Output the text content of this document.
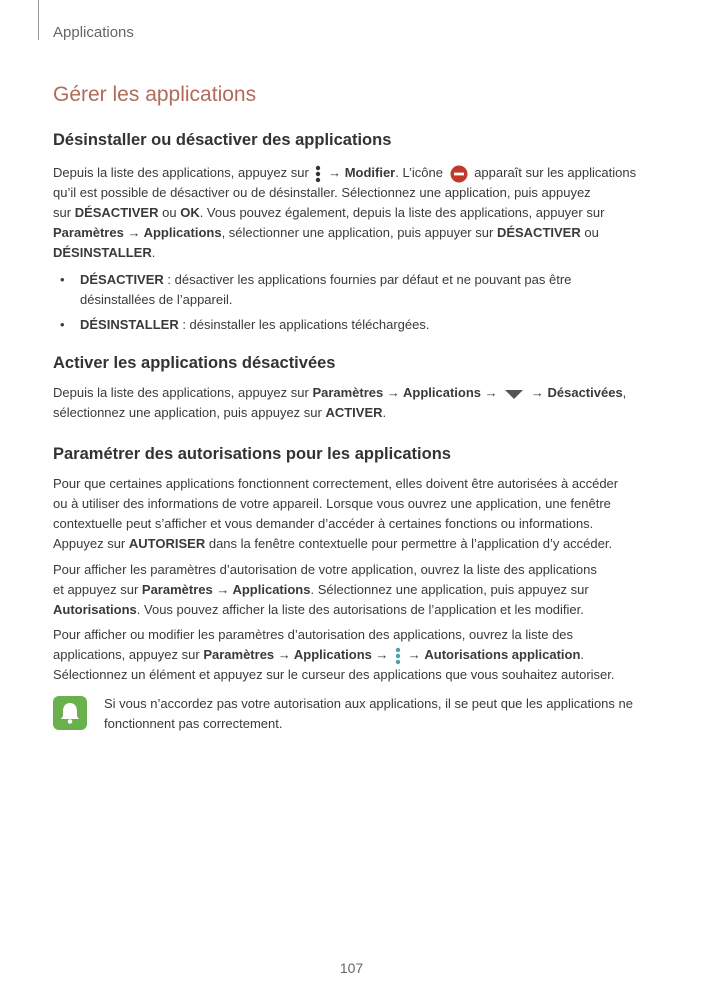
Applications
Gérer les applications
Désinstaller ou désactiver des applications
Depuis la liste des applications, appuyez sur → Modifier. L’icône apparaît sur les applications
qu’il est possible de désactiver ou de désinstaller. Sélectionnez une application, puis appuyez
sur DÉSACTIVER ou OK. Vous pouvez également, depuis la liste des applications, appuyer sur
Paramètres → Applications, sélectionner une application, puis appuyer sur DÉSACTIVER ou
DÉSINSTALLER.
• DÉSACTIVER : désactiver les applications fournies par défaut et ne pouvant pas être
désinstallées de l’appareil.
• DÉSINSTALLER : désinstaller les applications téléchargées.
Activer les applications désactivées
Depuis la liste des applications, appuyez sur Paramètres → Applications →	→ Désactivées,
sélectionnez une application, puis appuyez sur ACTIVER.
Paramétrer des autorisations pour les applications
Pour que certaines applications fonctionnent correctement, elles doivent être autorisées à accéder
ou à utiliser des informations de votre appareil. Lorsque vous ouvrez une application, une fenêtre
contextuelle peut s’afficher et vous demander d’accéder à certaines fonctions ou informations.
Appuyez sur AUTORISER dans la fenêtre contextuelle pour permettre à l’application d’y accéder.
Pour afficher les paramètres d’autorisation de votre application, ouvrez la liste des applications
et appuyez sur Paramètres → Applications. Sélectionnez une application, puis appuyez sur
Autorisations. Vous pouvez afficher la liste des autorisations de l’application et les modifier.
Pour afficher ou modifier les paramètres d’autorisation des applications, ouvrez la liste des
applications, appuyez sur Paramètres → Applications → → Autorisations application.
Sélectionnez un élément et appuyez sur le curseur des applications que vous souhaitez autoriser.
Si vous n’accordez pas votre autorisation aux applications, il se peut que les applications ne
fonctionnent pas correctement.
107
